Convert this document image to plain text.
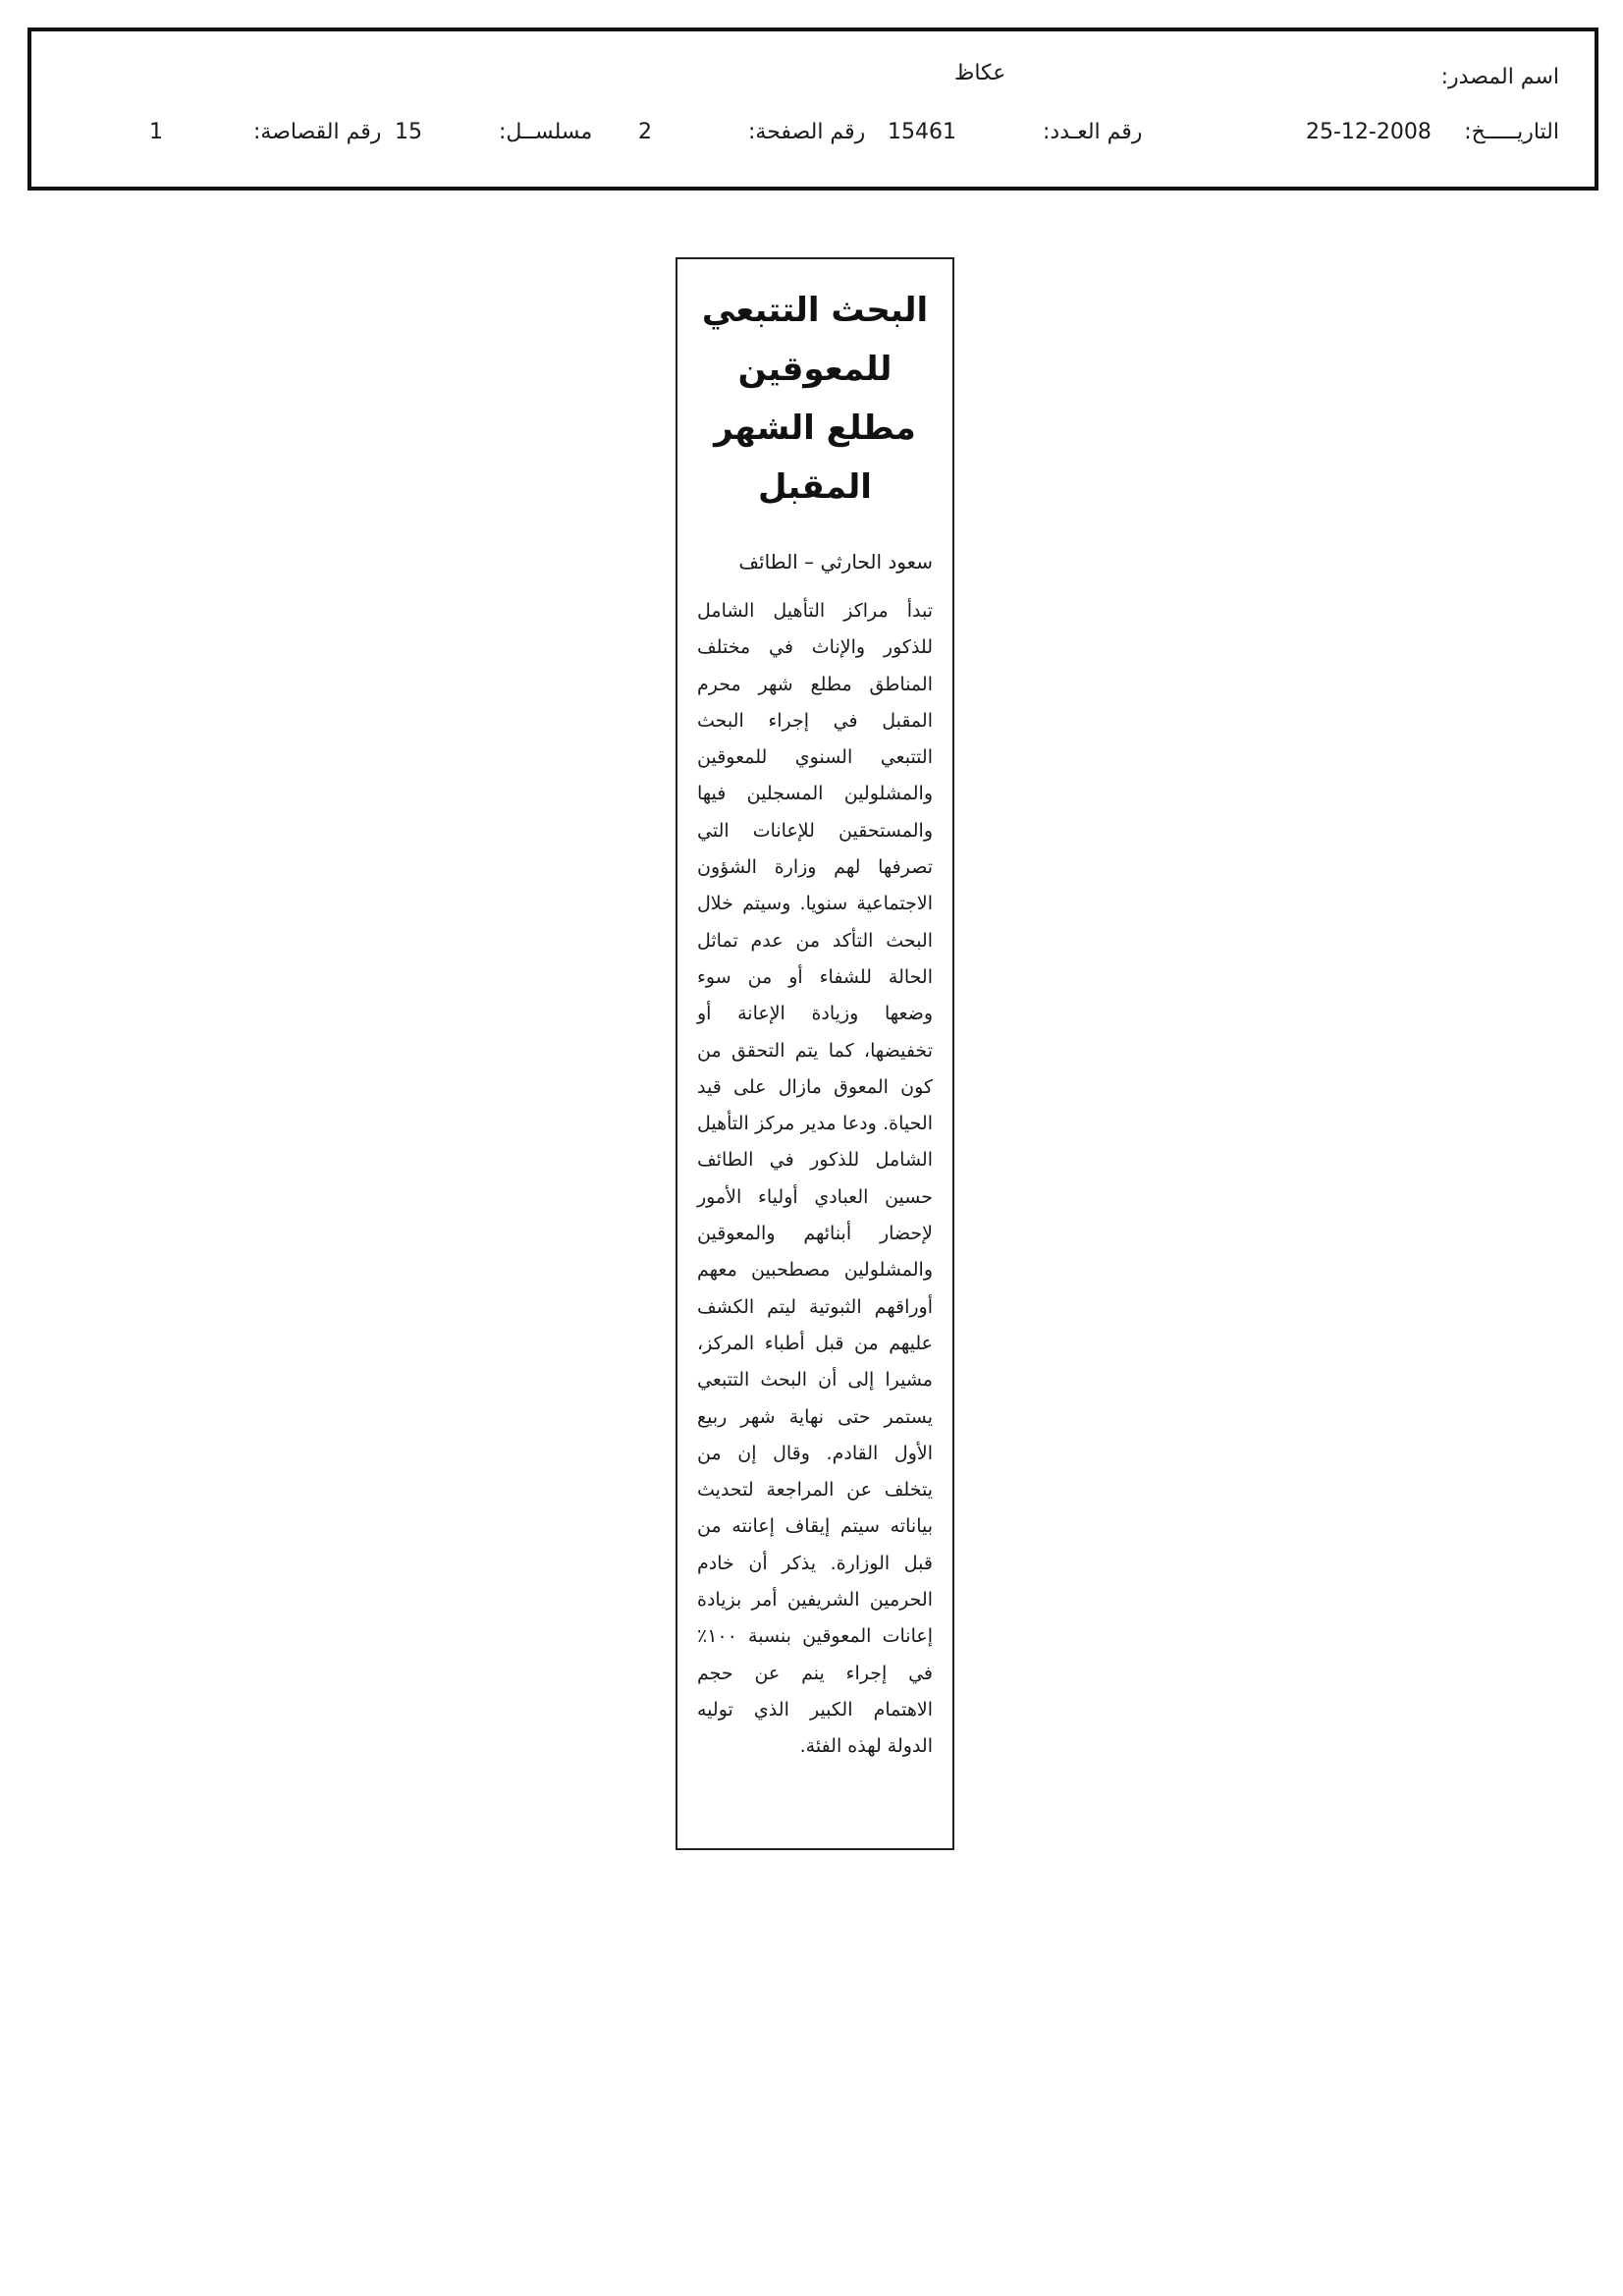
اسم المصدر:
عكاظ
التاريـــــخ:
25-12-2008
رقم العـدد:
15461
رقم الصفحة:
2
مسلســل:
15
رقم القصاصة:
1
البحث التتبعي للمعوقين مطلع الشهر المقبل
سعود الحارثي – الطائف

تبدأ مراكز التأهيل الشامل للذكور والإناث في مختلف المناطق مطلع شهر محرم المقبل في إجراء البحث التتبعي السنوي للمعوقين والمشلولين المسجلين فيها والمستحقين للإعانات التي تصرفها لهم وزارة الشؤون الاجتماعية سنويا. وسيتم خلال البحث التأكد من عدم تماثل الحالة للشفاء أو من سوء وضعها وزيادة الإعانة أو تخفيضها، كما يتم التحقق من كون المعوق مازال على قيد الحياة. ودعا مدير مركز التأهيل الشامل للذكور في الطائف حسين العبادي أولياء الأمور لإحضار أبنائهم والمعوقين والمشلولين مصطحبين معهم أوراقهم الثبوتية ليتم الكشف عليهم من قبل أطباء المركز، مشيرا إلى أن البحث التتبعي يستمر حتى نهاية شهر ربيع الأول القادم. وقال إن من يتخلف عن المراجعة لتحديث بياناته سيتم إيقاف إعانته من قبل الوزارة. يذكر أن خادم الحرمين الشريفين أمر بزيادة إعانات المعوقين بنسبة ١٠٠٪ في إجراء ينم عن حجم الاهتمام الكبير الذي توليه الدولة لهذه الفئة.
